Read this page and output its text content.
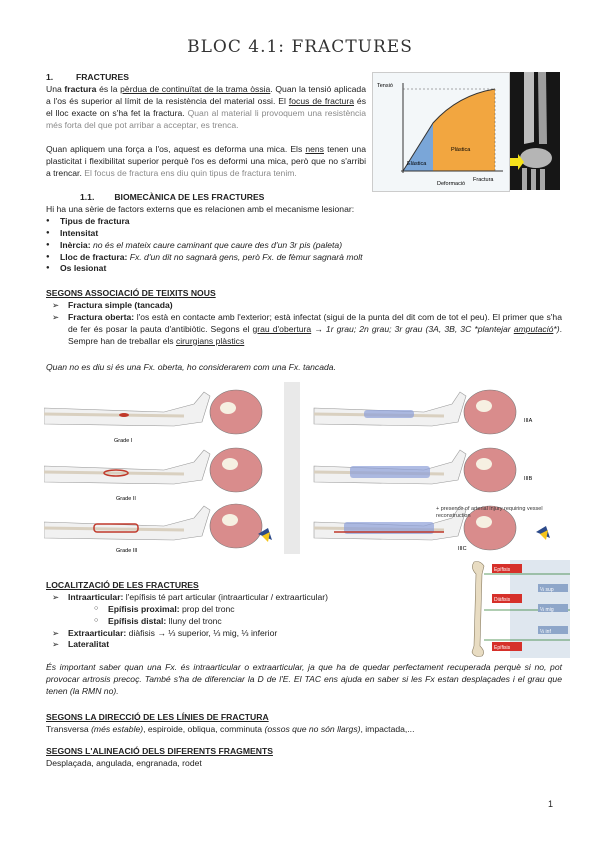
BLOC 4.1: FRACTURES
1.	FRACTURES
Una fractura és la pèrdua de continuïtat de la trama òssia. Quan la tensió aplicada a l'os és superior al límit de la resistència del material ossi. El focus de fractura és el lloc exacte on s'ha fet la fractura. Quan al material li provoquem una resistència més forta del que pot arribar a acceptar, es trenca.
Quan apliquem una força a l'os, aquest es deforma una mica. Els nens tenen una plasticitat i flexibilitat superior perquè l'os es deformi una mica, però que no s'arribi a trencar. El focus de fractura ens diu quin tipus de fractura tenim.
Tensió
Deformació
Elàstica
Plàstica
Fractura
1.1. BIOMECÀNICA DE LES FRACTURES
Hi ha una sèrie de factors externs que es relacionen amb el mecanisme lesionar:
● Tipus de fractura
● Intensitat
● Inèrcia: no és el mateix caure caminant que caure des d'un 3r pis (paleta)
● Lloc de fractura: Fx. d'un dit no sagnarà gens, però Fx. de fèmur sagnarà molt
● Os lesionat
SEGONS ASSOCIACIÓ DE TEIXITS NOUS
➢ Fractura simple (tancada)
➢ Fractura oberta: l'os està en contacte amb l'exterior; està infectat (sigui de la punta del dit com de tot el peu). El primer que s'ha de fer és posar la pauta d'antibiòtic. Segons el grau d'obertura → 1r grau; 2n grau; 3r grau (3A, 3B, 3C *plantejar amputació*). Sempre han de treballar els cirurgians plàstics
Quan no es diu si és una Fx. oberta, ho considerarem com una Fx. tancada.
Grade I
Grade II
Grade III
IIIA
IIIB
IIIC
+ presence of arterial injury requiring vessel reconstruction
LOCALITZACIÓ DE LES FRACTURES
➢ Intraarticular: l'epífisis té part articular (intraarticular / extraarticular)
○ Epífisis proximal: prop del tronc
○ Epífisis distal: lluny del tronc
➢ Extraarticular: diàfisis → ⅓ superior, ⅓ mig, ⅓ inferior
➢ Lateralitat
Epífisis
Diàfisis
Epífisis
⅓ sup
⅓ mig
⅓ inf
És important saber quan una Fx. és intraarticular o extraarticular, ja que ha de quedar perfectament recuperada perquè si no, pot provocar artrosis precoç. També s'ha de diferenciar la D de l'E. El TAC ens ajuda en saber si les Fx estan desplaçades i el grau que tenen (la RMN no).
SEGONS LA DIRECCIÓ DE LES LÍNIES DE FRACTURA
Transversa (més estable), espiroide, obliqua, comminuta (ossos que no són llargs), impactada,...
SEGONS L'ALINEACIÓ DELS DIFERENTS FRAGMENTS
Desplaçada, angulada, engranada, rodet
1
